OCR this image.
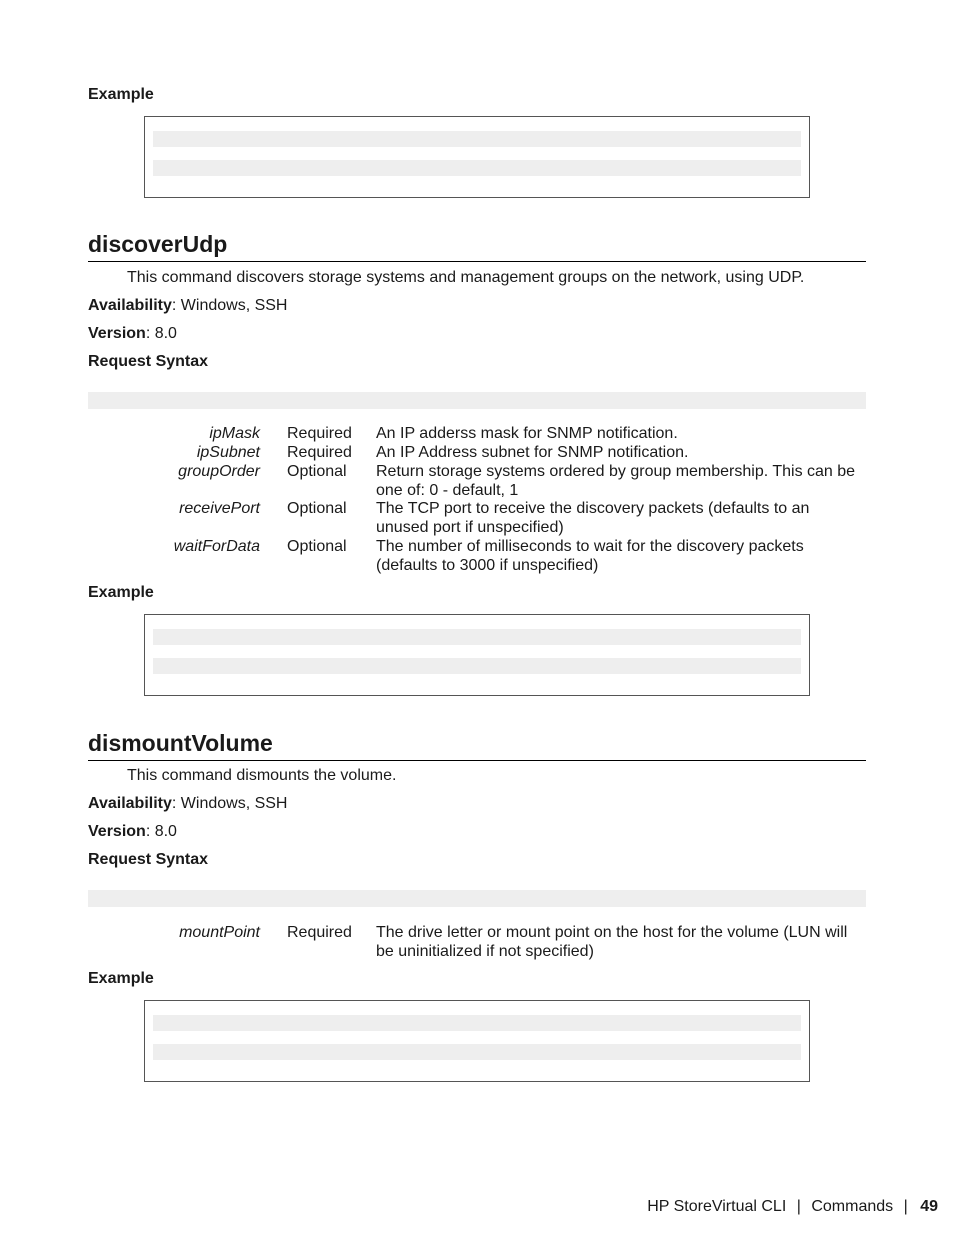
Example
discoverUdp
This command discovers storage systems and management groups on the network, using UDP.
Availability: Windows, SSH
Version: 8.0
Request Syntax
ipMask Required An IP adderss mask for SNMP notification.
ipSubnet Required An IP Address subnet for SNMP notification.
groupOrder Optional Return storage systems ordered by group membership. This can be one of: 0 - default, 1
receivePort Optional The TCP port to receive the discovery packets (defaults to an unused port if unspecified)
waitForData Optional The number of milliseconds to wait for the discovery packets (defaults to 3000 if unspecified)
Example
dismountVolume
This command dismounts the volume.
Availability: Windows, SSH
Version: 8.0
Request Syntax
mountPoint Required The drive letter or mount point on the host for the volume (LUN will be uninitialized if not specified)
Example
HP StoreVirtual CLI | Commands | 49
